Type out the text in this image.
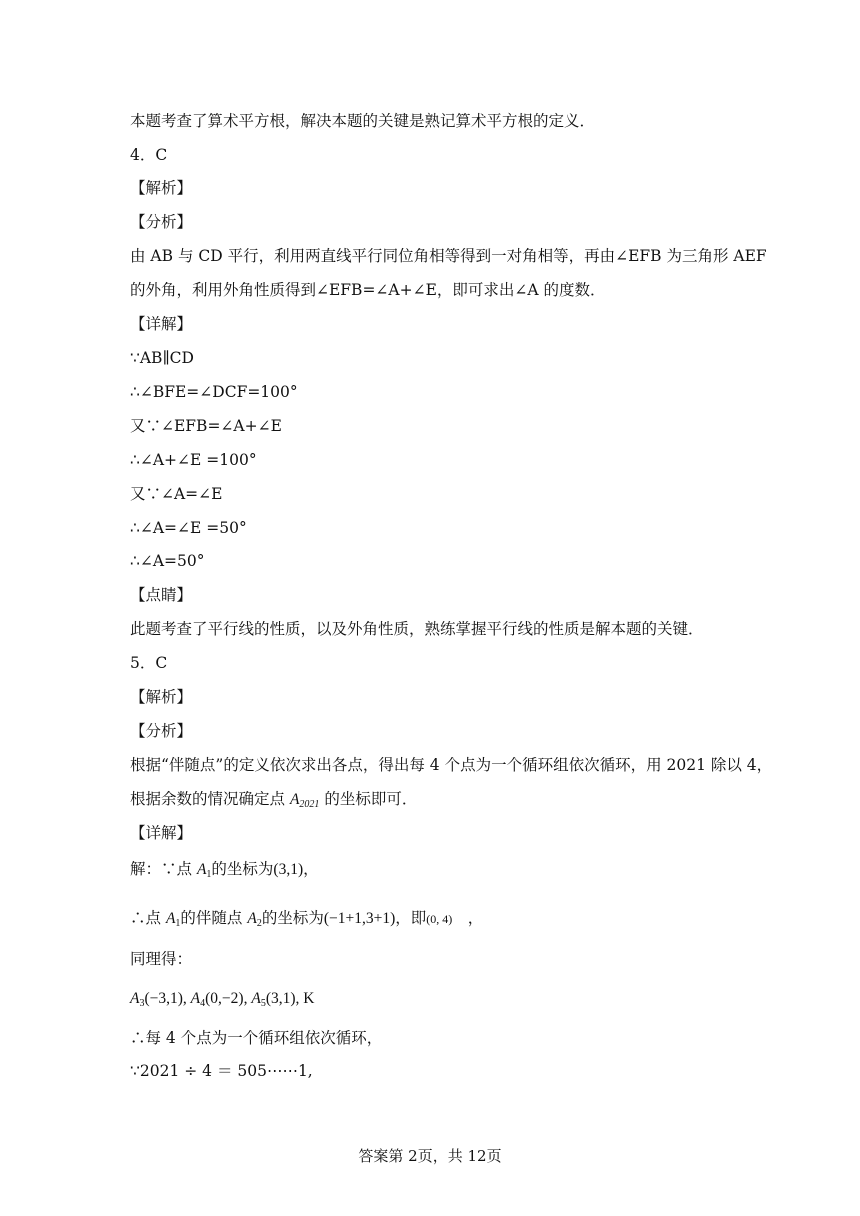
本题考查了算术平方根，解决本题的关键是熟记算术平方根的定义．
4．C
【解析】
【分析】
由 AB 与 CD 平行，利用两直线平行同位角相等得到一对角相等，再由∠EFB 为三角形 AEF
的外角，利用外角性质得到∠EFB=∠A+∠E，即可求出∠A 的度数．
【详解】
∵AB∥CD
∴∠BFE=∠DCF=100°
又∵∠EFB=∠A+∠E
∴∠A+∠E =100°
又∵∠A=∠E
∴∠A=∠E =50°
∴∠A=50°
【点睛】
此题考查了平行线的性质，以及外角性质，熟练掌握平行线的性质是解本题的关键．
5．C
【解析】
【分析】
根据“伴随点”的定义依次求出各点，得出每 4 个点为一个循环组依次循环，用 2021 除以 4，
根据余数的情况确定点 $A_{2021}$ 的坐标即可．
【详解】
解：∵点 $A_1$的坐标为(3,1)，
∴点 $A_1$的伴随点 $A_2$的坐标为(−1+1,3+1)，即(0, 4)　，
同理得：
$A_3(-3,1)$, $A_4(0,-2)$, $A_5(3,1)$, K
∴每 4 个点为一个循环组依次循环，
∵2021 ÷ 4 ＝ 505⋯⋯1,
答案第 2页，共 12页
